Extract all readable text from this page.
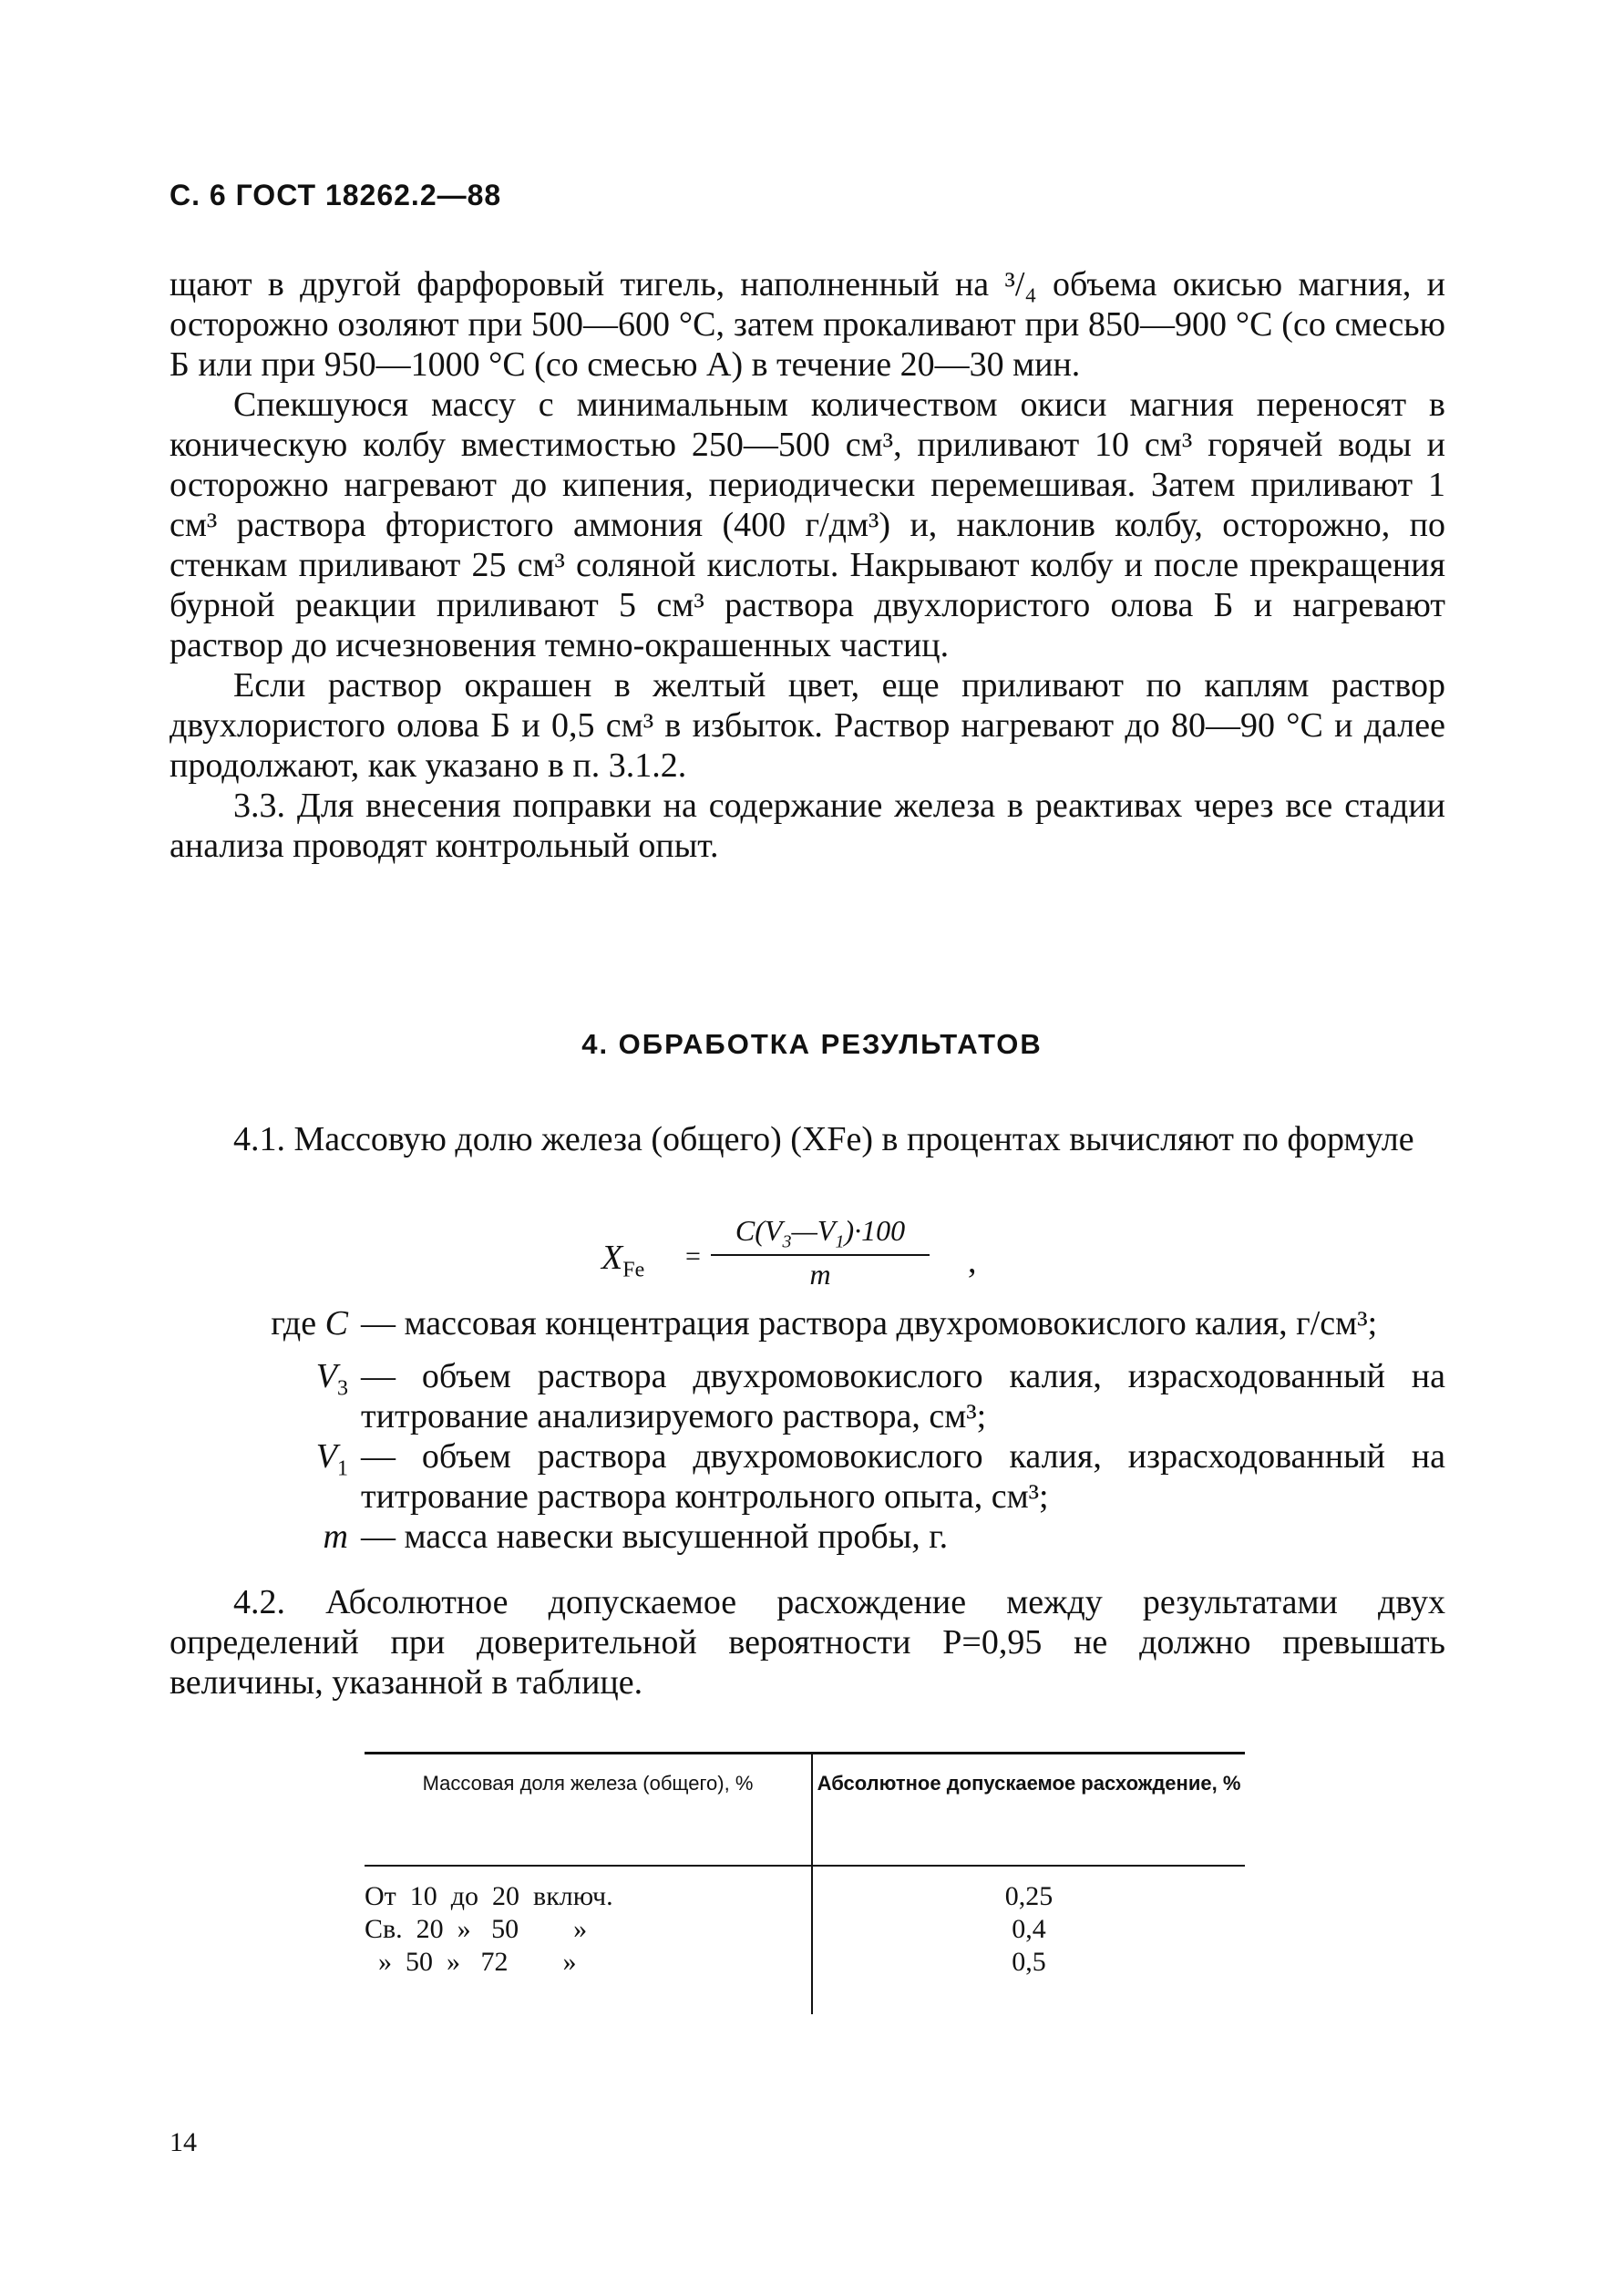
С. 6 ГОСТ 18262.2—88

щают в другой фарфоровый тигель, наполненный на ³/₄ объема окисью магния, и осторожно озоляют при 500—600 °С, затем прокаливают при 850—900 °С (со смесью Б или при 950—1000 °С (со смесью А) в течение 20—30 мин.

Спекшуюся массу с минимальным количеством окиси магния переносят в коническую колбу вместимостью 250—500 см³, приливают 10 см³ горячей воды и осторожно нагревают до кипения, периодически перемешивая. Затем приливают 1 см³ раствора фтористого аммония (400 г/дм³) и, наклонив колбу, осторожно, по стенкам приливают 25 см³ соляной кислоты. Накрывают колбу и после прекращения бурной реакции приливают 5 см³ раствора двухлористого олова Б и нагревают раствор до исчезновения темно-окрашенных частиц.

Если раствор окрашен в желтый цвет, еще приливают по каплям раствор двухлористого олова Б и 0,5 см³ в избыток. Раствор нагревают до 80—90 °С и далее продолжают, как указано в п. 3.1.2.

3.3. Для внесения поправки на содержание железа в реактивах через все стадии анализа проводят контрольный опыт.

4. ОБРАБОТКА РЕЗУЛЬТАТОВ

4.1. Массовую долю железа (общего) (XFe) в процентах вычисляют по формуле

$X_{Fe} = \frac{C(V_3—V_1)\cdot 100}{m}$ ,
где C — массовая концентрация раствора двухромовокислого калия, г/см³;
$V_3$ — объем раствора двухромовокислого калия, израсходованный на титрование анализируемого раствора, см³;
$V_1$ — объем раствора двухромовокислого калия, израсходованный на титрование раствора контрольного опыта, см³;
m — масса навески высушенной пробы, г.

4.2. Абсолютное допускаемое расхождение между результатами двух определений при доверительной вероятности P=0,95 не должно превышать величины, указанной в таблице.

Массовая доля железа (общего), %	Абсолютное допускаемое расхождение, %
От  10  до  20  включ.	0,25
Св.  20  »   50        »	0,4
»  50  »   72        »	0,5
14
